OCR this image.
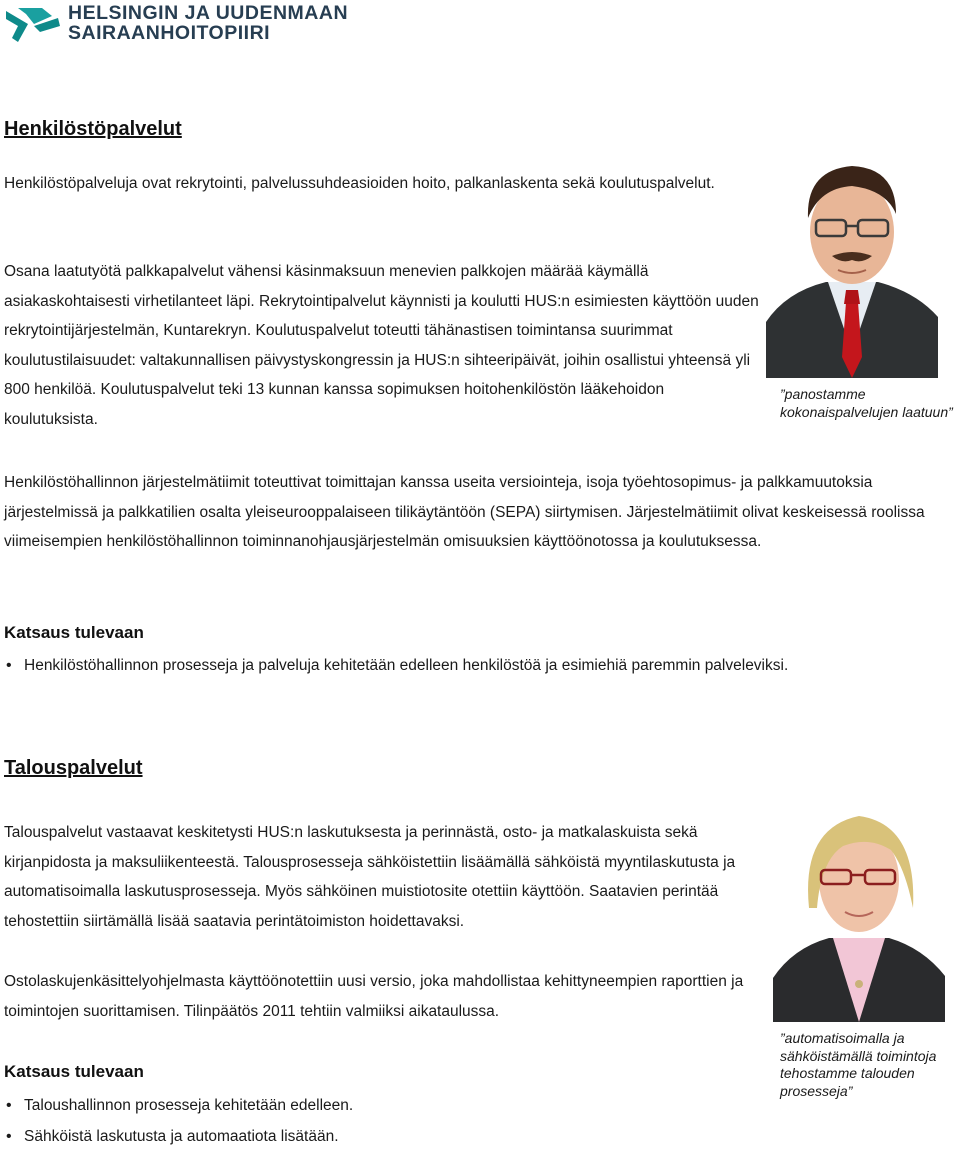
HELSINGIN JA UUDENMAAN
SAIRAANHOITOPIIRI
Henkilöstöpalvelut

Henkilöstöpalveluja ovat rekrytointi, palvelussuhdeasioiden hoito, palkanlaskenta sekä koulutuspalvelut.

Osana laatutyötä palkkapalvelut vähensi käsinmaksuun menevien palkkojen määrää käymällä asiakaskohtaisesti virhetilanteet läpi. Rekrytointipalvelut käynnisti ja koulutti HUS:n esimiesten käyttöön uuden rekrytointijärjestelmän, Kuntarekryn. Koulutuspalvelut toteutti tähänastisen toimintansa suurimmat koulutustilaisuudet: valtakunnallisen päivystyskongressin ja HUS:n sihteeripäivät, joihin osallistui yhteensä yli 800 henkilöä. Koulutuspalvelut teki 13 kunnan kanssa sopimuksen hoitohenkilöstön lääkehoidon koulutuksista.

”panostamme kokonaispalvelujen laatuun”

Henkilöstöhallinnon järjestelmätiimit toteuttivat toimittajan kanssa useita versiointeja, isoja työehtosopimus- ja palkkamuutoksia järjestelmissä ja palkkatilien osalta yleiseurooppalaiseen tilikäytäntöön (SEPA) siirtymisen. Järjestelmätiimit olivat keskeisessä roolissa viimeisempien henkilöstöhallinnon toiminnanohjausjärjestelmän omisuuksien käyttöönotossa ja koulutuksessa.

Katsaus tulevaan
• Henkilöstöhallinnon prosesseja ja palveluja kehitetään edelleen henkilöstöä ja esimiehiä paremmin palveleviksi.
Talouspalvelut

Talouspalvelut vastaavat keskitetysti HUS:n laskutuksesta ja perinnästä, osto- ja matkalaskuista sekä kirjanpidosta ja maksuliikenteestä. Talousprosesseja sähköistettiin lisäämällä sähköistä myyntilaskutusta ja automatisoimalla laskutusprosesseja. Myös sähköinen muistiotosite otettiin käyttöön. Saatavien perintää tehostettiin siirtämällä lisää saatavia perintätoimiston hoidettavaksi.

Ostolaskujenkäsittelyohjelmasta käyttöönotettiin uusi versio, joka mahdollistaa kehittyneempien raporttien ja toimintojen suorittamisen. Tilinpäätös 2011 tehtiin valmiiksi aikataulussa.

”automatisoimalla ja sähköistämällä toimintoja tehostamme talouden prosesseja”
Katsaus tulevaan
• Taloushallinnon prosesseja kehitetään edelleen.
• Sähköistä laskutusta ja automaatiota lisätään.
